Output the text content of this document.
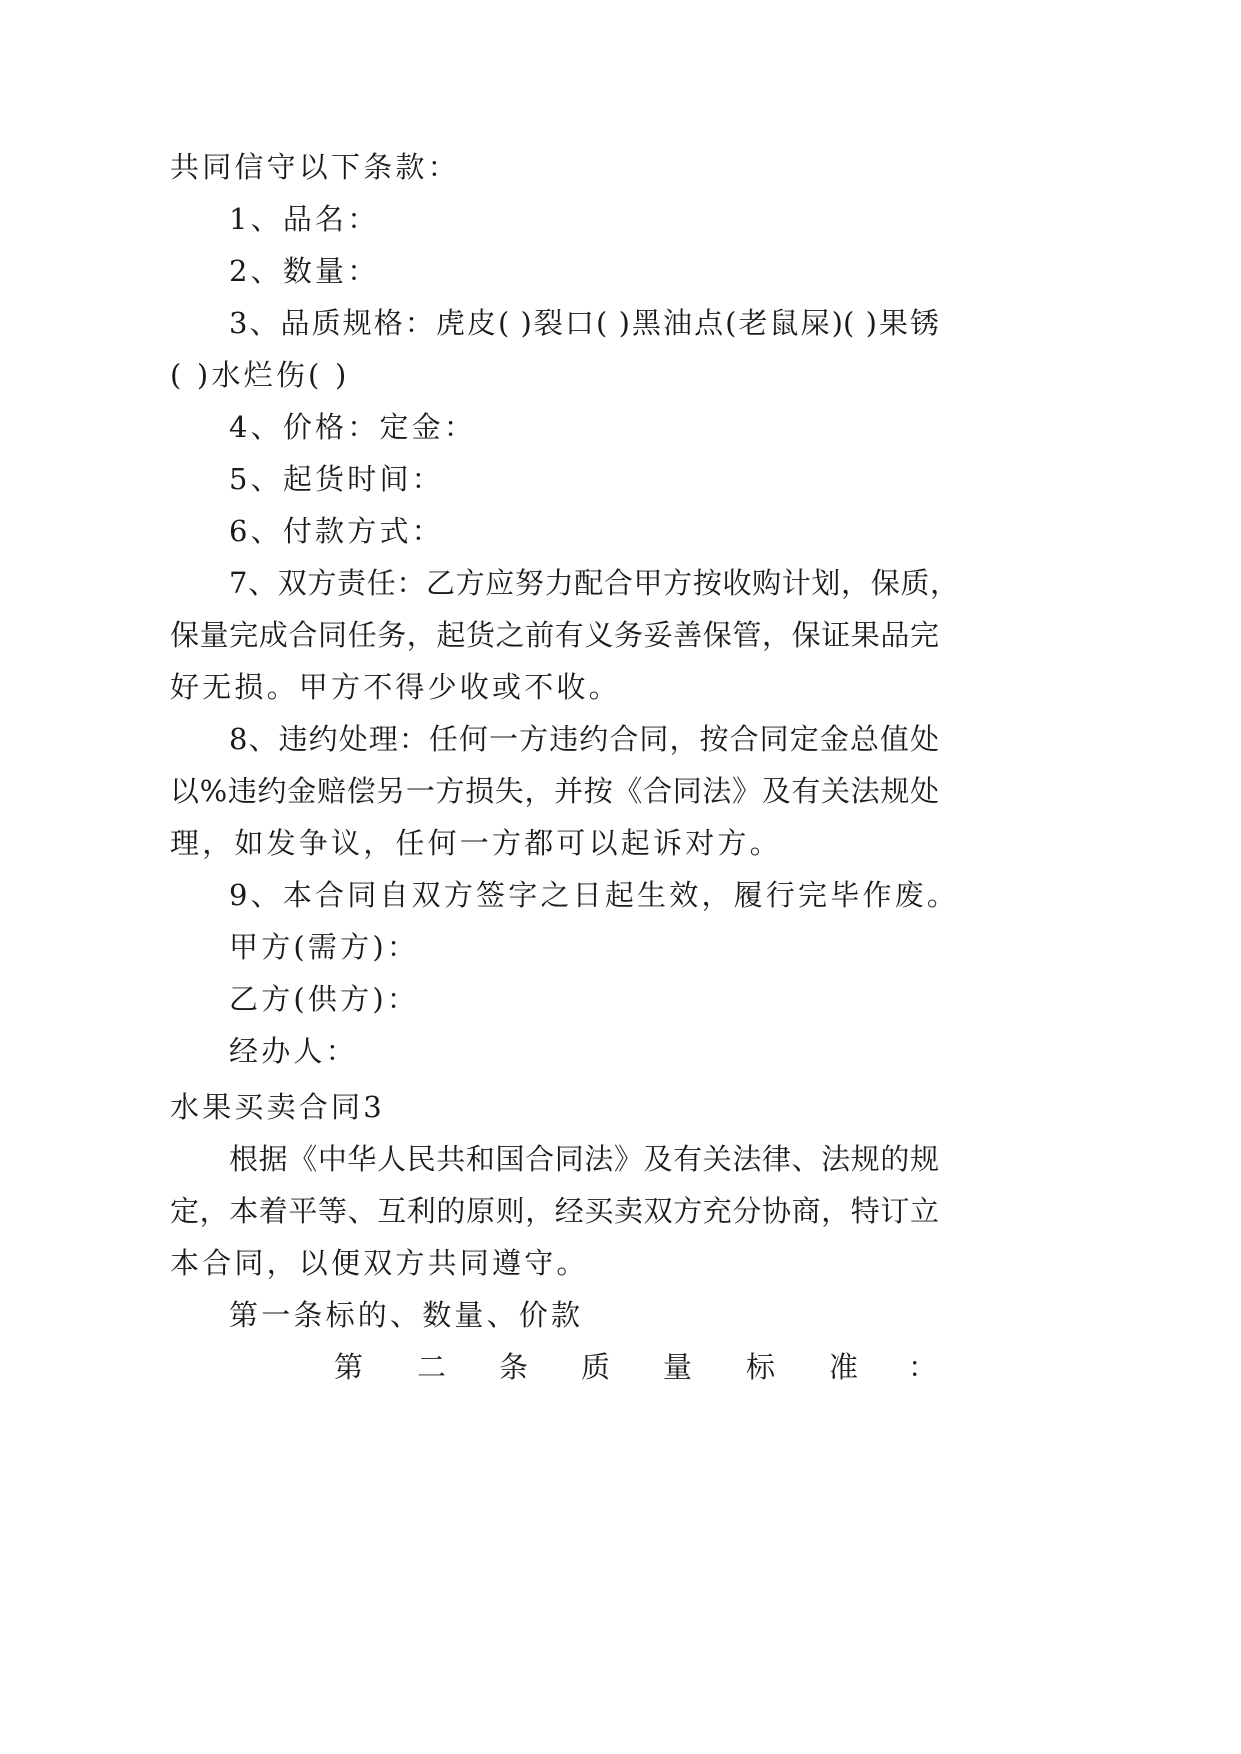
共同信守以下条款：
1、品名：
2、数量：
3、品质规格：虎皮( )裂口( )黑油点(老鼠屎)( )果锈
( )水烂伤( )
4、价格：定金：
5、起货时间：
6、付款方式：
7、双方责任：乙方应努力配合甲方按收购计划，保质，
保量完成合同任务，起货之前有义务妥善保管，保证果品完
好无损。甲方不得少收或不收。
8、违约处理：任何一方违约合同，按合同定金总值处
以%违约金赔偿另一方损失，并按《合同法》及有关法规处
理，如发争议，任何一方都可以起诉对方。
9、本合同自双方签字之日起生效，履行完毕作废。
甲方(需方)：
乙方(供方)：
经办人：
水果买卖合同3
根据《中华人民共和国合同法》及有关法律、法规的规
定，本着平等、互利的原则，经买卖双方充分协商，特订立
本合同，以便双方共同遵守。
第一条标的、数量、价款
第 二 条 质 量 标 准 ：
